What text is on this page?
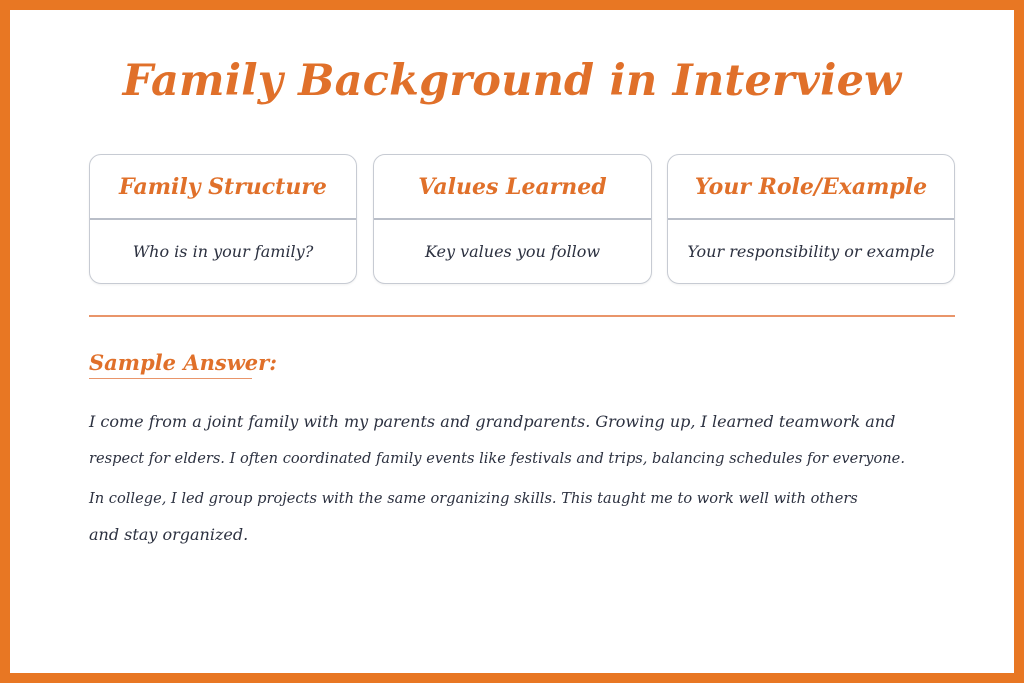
Family Background in Interview
Family Structure
Who is in your family?
Values Learned
Key values you follow
Your Role/Example
Your responsibility or example
Sample Answer:
I come from a joint family with my parents and grandparents. Growing up, I learned teamwork and
respect for elders. I often coordinated family events like festivals and trips, balancing schedules for everyone.
In college, I led group projects with the same organizing skills. This taught me to work well with others
and stay organized.
